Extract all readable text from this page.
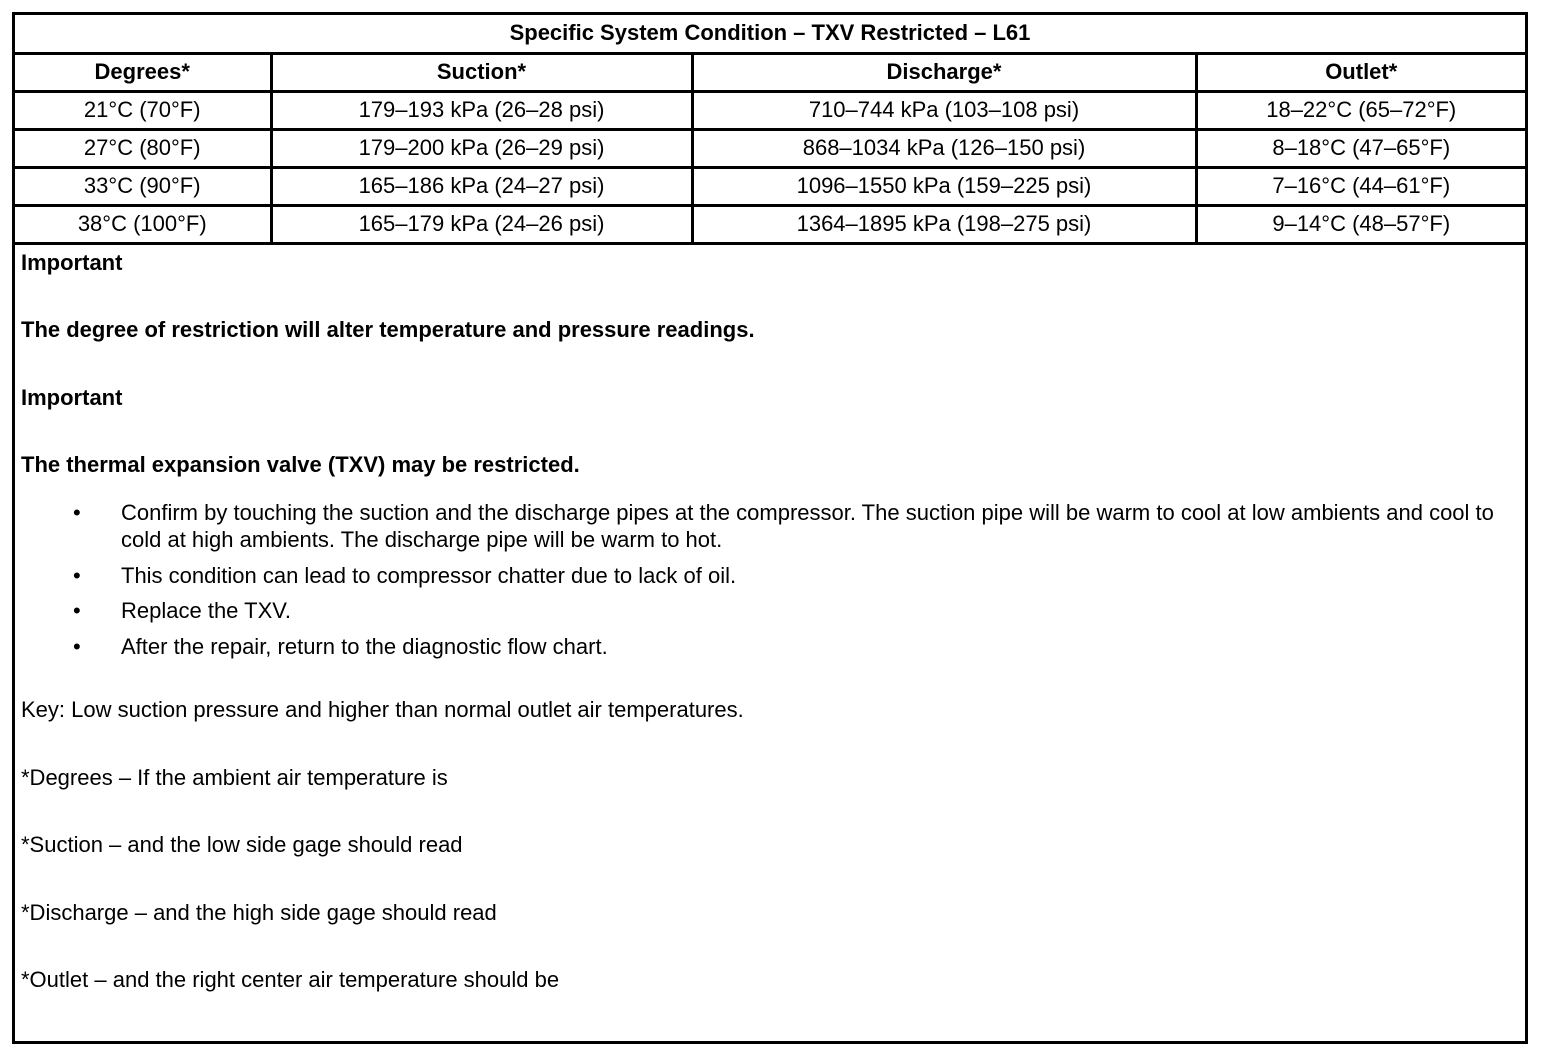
Specific System Condition – TXV Restricted – L61			
Degrees*	Suction*	Discharge*	Outlet*
21°C (70°F)	179–193 kPa (26–28 psi)	710–744 kPa (103–108 psi)	18–22°C (65–72°F)
27°C (80°F)	179–200 kPa (26–29 psi)	868–1034 kPa (126–150 psi)	8–18°C (47–65°F)
33°C (90°F)	165–186 kPa (24–27 psi)	1096–1550 kPa (159–225 psi)	7–16°C (44–61°F)
38°C (100°F)	165–179 kPa (24–26 psi)	1364–1895 kPa (198–275 psi)	9–14°C (48–57°F)

Important

The degree of restriction will alter temperature and pressure readings.

Important

The thermal expansion valve (TXV) may be restricted.

• Confirm by touching the suction and the discharge pipes at the compressor. The suction pipe will be warm to cool at low ambients and cool to cold at high ambients. The discharge pipe will be warm to hot.
• This condition can lead to compressor chatter due to lack of oil.
• Replace the TXV.
• After the repair, return to the diagnostic flow chart.

Key: Low suction pressure and higher than normal outlet air temperatures.

*Degrees – If the ambient air temperature is

*Suction – and the low side gage should read

*Discharge – and the high side gage should read

*Outlet – and the right center air temperature should be
